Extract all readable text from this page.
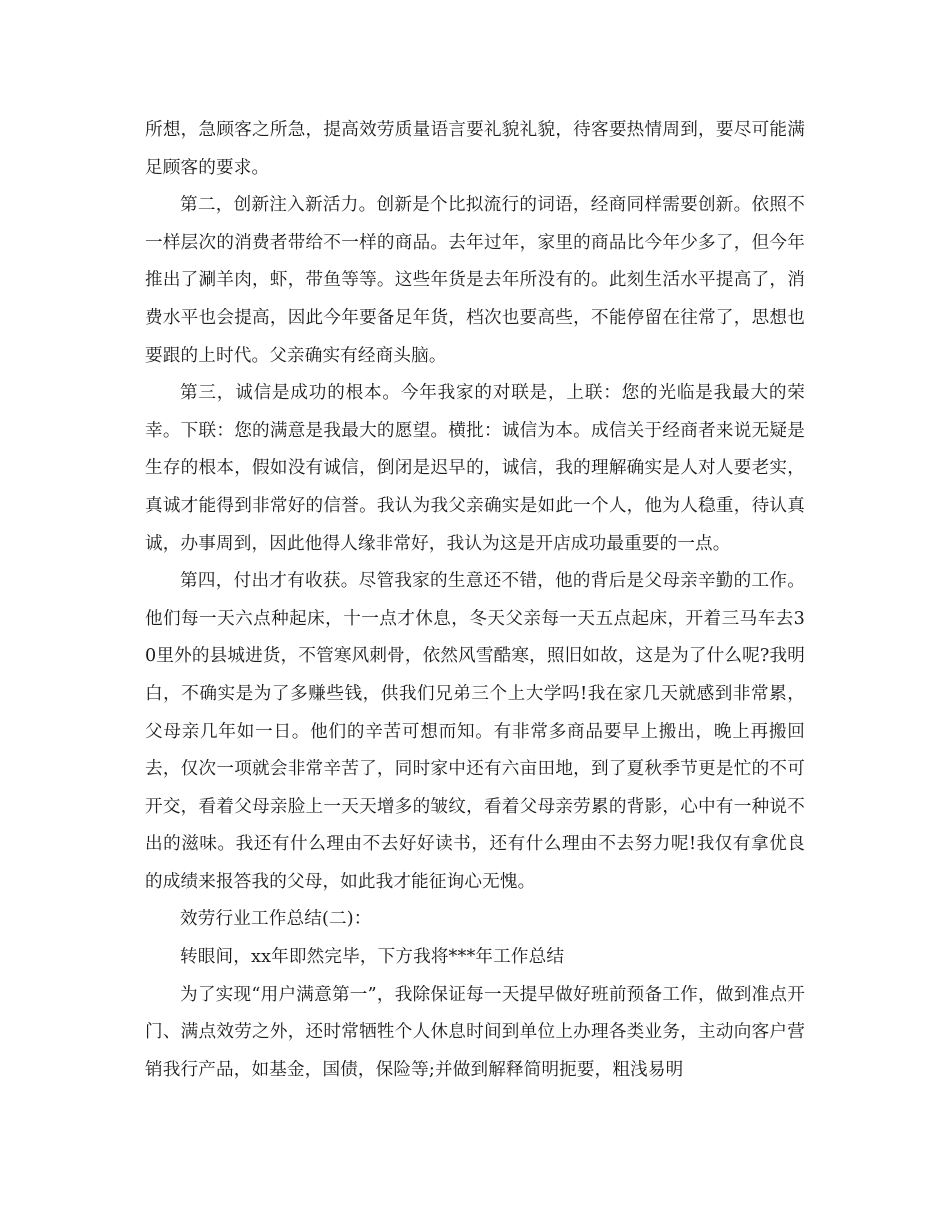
所想，急顾客之所急，提高效劳质量语言要礼貌礼貌，待客要热情周到，要尽可能满足顾客的要求。

第二，创新注入新活力。创新是个比拟流行的词语，经商同样需要创新。依照不一样层次的消费者带给不一样的商品。去年过年，家里的商品比今年少多了，但今年推出了涮羊肉，虾，带鱼等等。这些年货是去年所没有的。此刻生活水平提高了，消费水平也会提高，因此今年要备足年货，档次也要高些，不能停留在往常了，思想也要跟的上时代。父亲确实有经商头脑。

第三，诚信是成功的根本。今年我家的对联是，上联：您的光临是我最大的荣幸。下联：您的满意是我最大的愿望。横批：诚信为本。成信关于经商者来说无疑是生存的根本，假如没有诚信，倒闭是迟早的，诚信，我的理解确实是人对人要老实，真诚才能得到非常好的信誉。我认为我父亲确实是如此一个人，他为人稳重，待认真诚，办事周到，因此他得人缘非常好，我认为这是开店成功最重要的一点。

第四，付出才有收获。尽管我家的生意还不错，他的背后是父母亲辛勤的工作。他们每一天六点种起床，十一点才休息，冬天父亲每一天五点起床，开着三马车去30里外的县城进货，不管寒风刺骨，依然风雪酷寒，照旧如故，这是为了什么呢?我明白，不确实是为了多赚些钱，供我们兄弟三个上大学吗!我在家几天就感到非常累，父母亲几年如一日。他们的辛苦可想而知。有非常多商品要早上搬出，晚上再搬回去，仅次一项就会非常辛苦了，同时家中还有六亩田地，到了夏秋季节更是忙的不可开交，看着父母亲脸上一天天增多的皱纹，看着父母亲劳累的背影，心中有一种说不出的滋味。我还有什么理由不去好好读书，还有什么理由不去努力呢!我仅有拿优良的成绩来报答我的父母，如此我才能征询心无愧。

效劳行业工作总结(二)：

转眼间，xx年即然完毕，下方我将***年工作总结

为了实现“用户满意第一”，我除保证每一天提早做好班前预备工作，做到准点开门、满点效劳之外，还时常牺牲个人休息时间到单位上办理各类业务，主动向客户营销我行产品，如基金，国债，保险等;并做到解释简明扼要，粗浅易明
